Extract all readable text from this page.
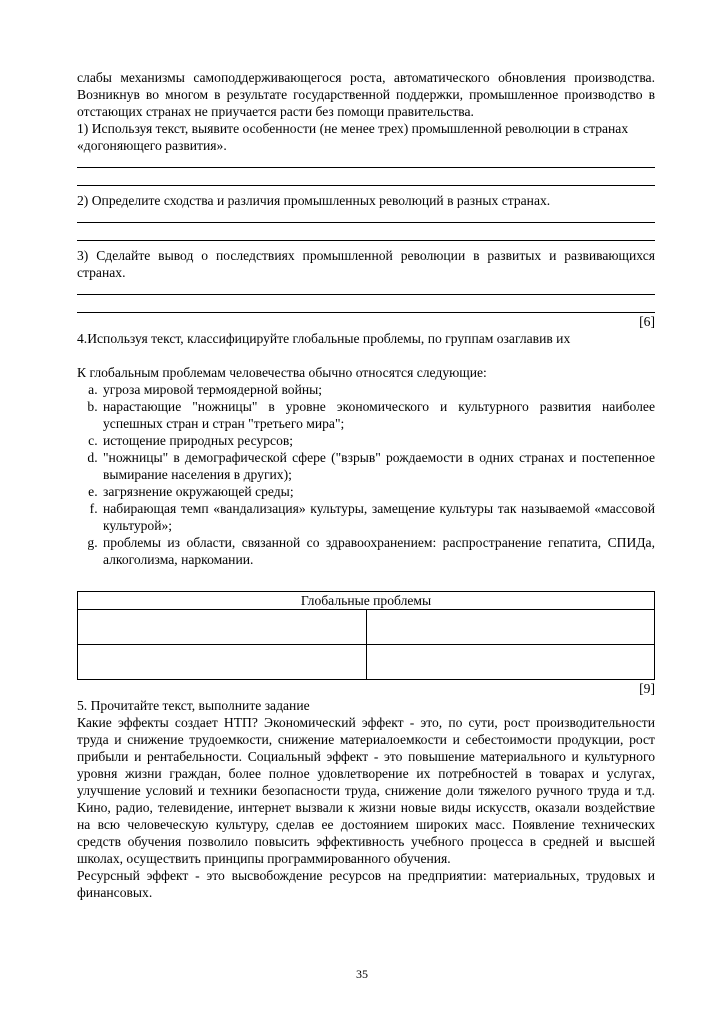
слабы механизмы самоподдерживающегося роста, автоматического обновления производства. Возникнув во многом в результате государственной поддержки, промышленное производство в отстающих странах не приучается расти без помощи правительства.

1) Используя текст, выявите особенности (не менее трех) промышленной революции в странах «догоняющего развития».

2) Определите сходства и различия промышленных революций в разных странах.

3) Сделайте вывод о последствиях промышленной революции в развитых и развивающихся странах.

[6]

4.Используя текст, классифицируйте глобальные проблемы, по группам озаглавив их

К глобальным проблемам человечества обычно относятся следующие:

a. угроза мировой термоядерной войны;
b. нарастающие "ножницы" в уровне экономического и культурного развития наиболее успешных стран и стран "третьего мира";
c. истощение природных ресурсов;
d. "ножницы" в демографической сфере ("взрыв" рождаемости в одних странах и постепенное вымирание населения в других);
e. загрязнение окружающей среды;
f. набирающая темп «вандализация» культуры, замещение культуры так называемой «массовой культурой»;
g. проблемы из области, связанной со здравоохранением: распространение гепатита, СПИДа, алкоголизма, наркомании.
Глобальные проблемы	

[9]

5. Прочитайте текст, выполните задание

Какие эффекты создает НТП? Экономический эффект - это, по сути, рост производительности труда и снижение трудоемкости, снижение материалоемкости и себестоимости продукции, рост прибыли и рентабельности. Социальный эффект - это повышение материального и культурного уровня жизни граждан, более полное удовлетворение их потребностей в товарах и услугах, улучшение условий и техники безопасности труда, снижение доли тяжелого ручного труда и т.д. Кино, радио, телевидение, интернет вызвали к жизни новые виды искусств, оказали воздействие на всю человеческую культуру, сделав ее достоянием широких масс. Появление технических средств обучения позволило повысить эффективность учебного процесса в средней и высшей школах, осуществить принципы программированного обучения.

Ресурсный эффект - это высвобождение ресурсов на предприятии: материальных, трудовых и финансовых.

35
